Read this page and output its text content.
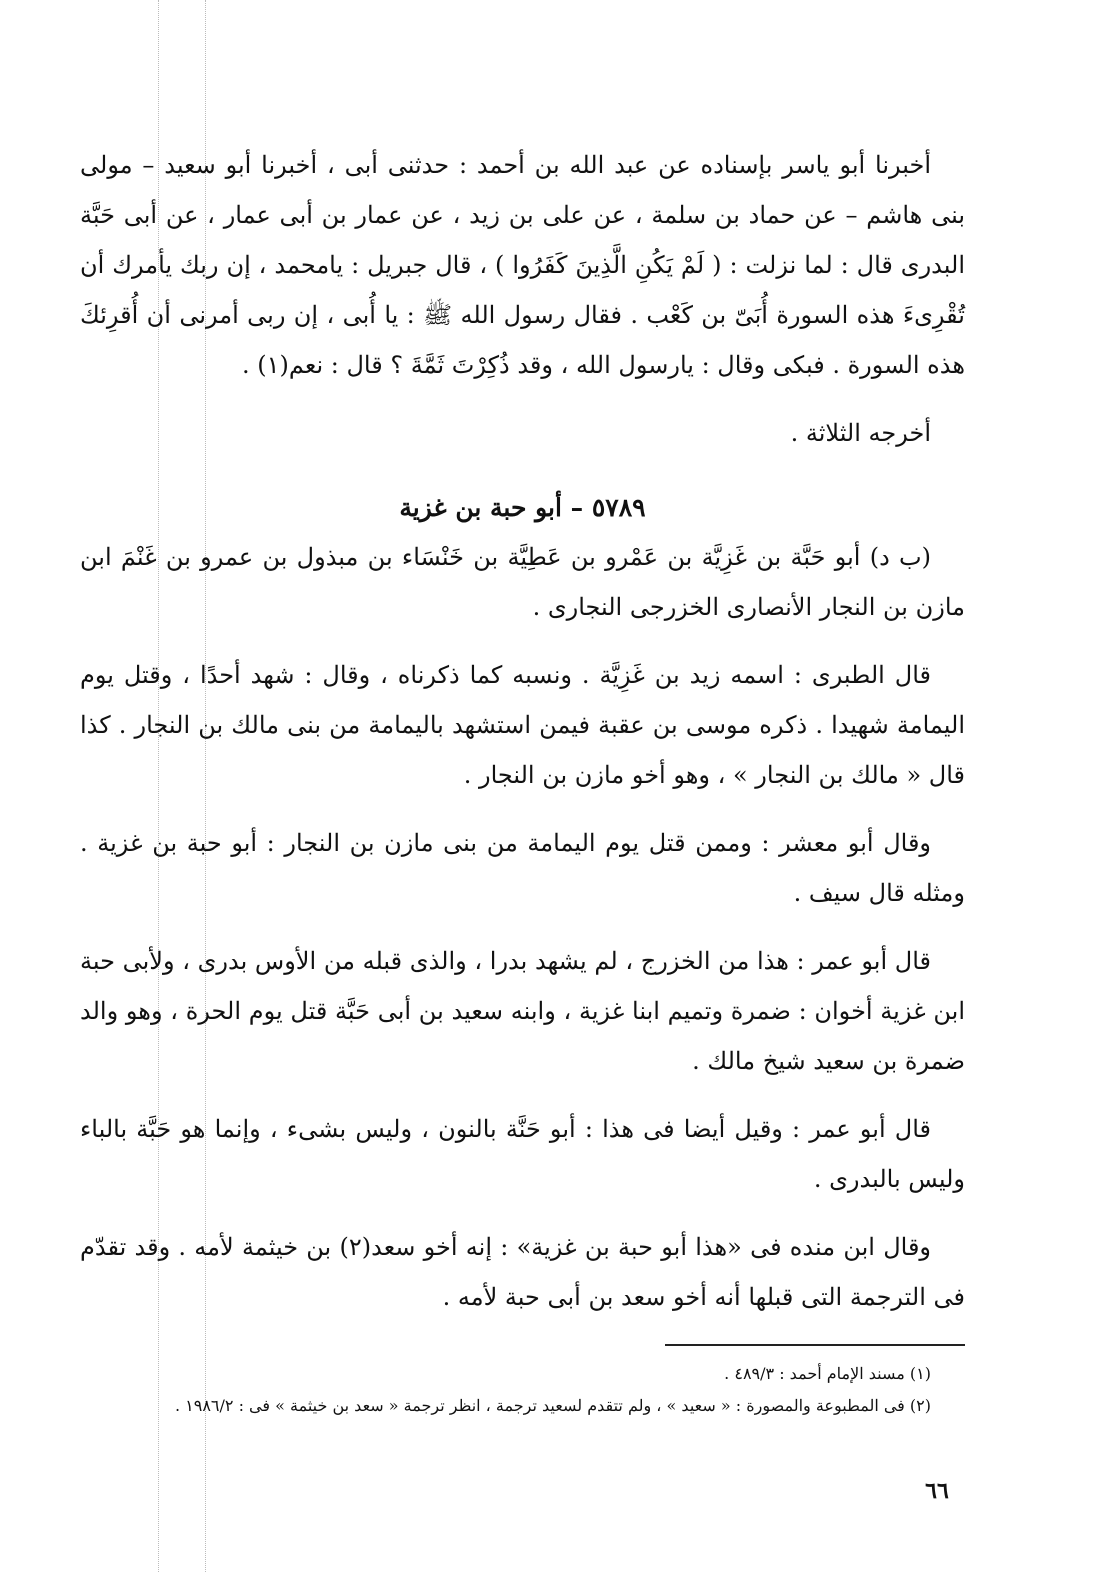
أخبرنا أبو ياسر بإسناده عن عبد الله بن أحمد : حدثنى أبى ، أخبرنا أبو سعيد – مولى بنى هاشم – عن حماد بن سلمة ، عن على بن زيد ، عن عمار بن أبى عمار ، عن أبى حَبَّة البدرى قال : لما نزلت : ( لَمْ يَكُنِ الَّذِينَ كَفَرُوا ) ، قال جبريل : يامحمد ، إن ربك يأمرك أن تُقْرِىءَ هذه السورة أُبَىّ بن كَعْب . فقال رسول الله ﷺ : يا أُبى ، إن ربى أمرنى أن أُقرِئكَ هذه السورة . فبكى وقال : يارسول الله ، وقد ذُكِرْتَ ثَمَّةَ ؟ قال : نعم(١) .

أخرجه الثلاثة .

٥٧٨٩ – أبو حبة بن غزية

(ب د) أبو حَبَّة بن غَزِيَّة بن عَمْرو بن عَطِيَّة بن خَنْسَاء بن مبذول بن عمرو بن غَنْمَ ابن مازن بن النجار الأنصارى الخزرجى النجارى .

قال الطبرى : اسمه زيد بن غَزِيَّة . ونسبه كما ذكرناه ، وقال : شهد أحدًا ، وقتل يوم اليمامة شهيدا . ذكره موسى بن عقبة فيمن استشهد باليمامة من بنى مالك بن النجار . كذا قال « مالك بن النجار » ، وهو أخو مازن بن النجار .

وقال أبو معشر : وممن قتل يوم اليمامة من بنى مازن بن النجار : أبو حبة بن غزية . ومثله قال سيف .

قال أبو عمر : هذا من الخزرج ، لم يشهد بدرا ، والذى قبله من الأوس بدرى ، ولأبى حبة ابن غزية أخوان : ضمرة وتميم ابنا غزية ، وابنه سعيد بن أبى حَبَّة قتل يوم الحرة ، وهو والد ضمرة بن سعيد شيخ مالك .

قال أبو عمر : وقيل أيضا فى هذا : أبو حَنَّة بالنون ، وليس بشىء ، وإنما هو حَبَّة بالباء وليس بالبدرى .

وقال ابن منده فى «هذا أبو حبة بن غزية» : إنه أخو سعد(٢) بن خيثمة لأمه . وقد تقدّم فى الترجمة التى قبلها أنه أخو سعد بن أبى حبة لأمه .

(١) مسند الإمام أحمد : ٤٨٩/٣ .

(٢) فى المطبوعة والمصورة : « سعيد » ، ولم تتقدم لسعيد ترجمة ، انظر ترجمة « سعد بن خيثمة » فى : ١٩٨٦/٢ .

٦٦
